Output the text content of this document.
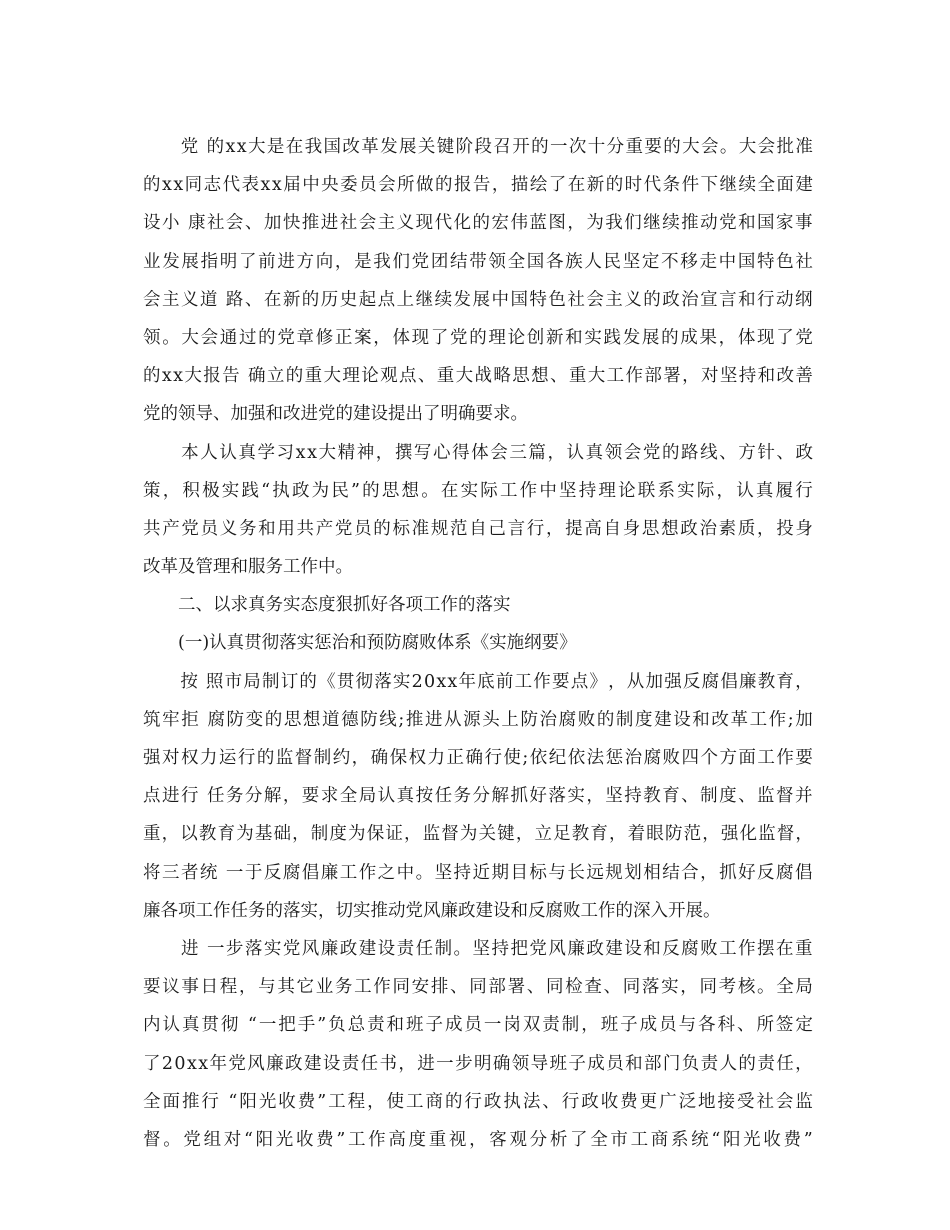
党
的 x x 大 是 在 我 国 改 革 发 展 关 键 阶 段 召 开 的 一 次 十 分 重 要 的 大 会 。 大 会 批 准
的 x x 同 志 代 表 x x 届 中 央 委 员 会 所 做 的 报 告 ， 描 绘 了 在 新 的 时 代 条 件 下 继 续 全 面 建
设 小
康 社 会 、 加 快 推 进 社 会 主 义 现 代 化 的 宏 伟 蓝 图 ， 为 我 们 继 续 推 动 党 和 国 家 事
业 发 展 指 明 了 前 进 方 向 ， 是 我 们 党 团 结 带 领 全 国 各 族 人 民 坚 定 不 移 走 中 国 特 色 社
会 主 义 道
路 、 在 新 的 历 史 起 点 上 继 续 发 展 中 国 特 色 社 会 主 义 的 政 治 宣 言 和 行 动 纲
领 。 大 会 通 过 的 党 章 修 正 案 ， 体 现 了 党 的 理 论 创 新 和 实 践 发 展 的 成 果 ， 体 现 了 党
的 x x 大 报 告
确 立 的 重 大 理 论 观 点 、 重 大 战 略 思 想 、 重 大 工 作 部 署 ， 对 坚 持 和 改 善
党 的 领 导 、 加 强 和 改 进 党 的 建 设 提 出 了 明 确 要 求 。

本 人 认 真 学 习 x x 大 精 神 ， 撰 写 心 得 体 会 三 篇 ， 认 真 领 会 党 的 路 线 、 方 针 、 政
策 ， 积 极 实 践 “ 执 政 为 民 ” 的 思 想 。 在 实 际 工 作 中 坚 持 理 论 联 系 实 际 ， 认 真 履 行
共 产 党 员 义 务 和 用 共 产 党 员 的 标 准 规 范 自 己 言 行 ， 提 高 自 身 思 想 政 治 素 质 ， 投 身
改 革 及 管 理 和 服 务 工 作 中 。

二 、 以 求 真 务 实 态 度 狠 抓 好 各 项 工 作 的 落 实

( 一 ) 认 真 贯 彻 落 实 惩 治 和 预 防 腐 败 体 系 《 实 施 纲 要 》

按
照 市 局 制 订 的 《 贯 彻 落 实 2 0 x x 年 底 前 工 作 要 点 》 ， 从 加 强 反 腐 倡 廉 教 育 ，
筑 牢 拒
腐 防 变 的 思 想 道 德 防 线 ; 推 进 从 源 头 上 防 治 腐 败 的 制 度 建 设 和 改 革 工 作 ; 加
强 对 权 力 运 行 的 监 督 制 约 ， 确 保 权 力 正 确 行 使 ; 依 纪 依 法 惩 治 腐 败 四 个 方 面 工 作 要
点 进 行
任 务 分 解 ， 要 求 全 局 认 真 按 任 务 分 解 抓 好 落 实 ， 坚 持 教 育 、 制 度 、 监 督 并
重 ， 以 教 育 为 基 础 ， 制 度 为 保 证 ， 监 督 为 关 键 ， 立 足 教 育 ， 着 眼 防 范 ， 强 化 监 督 ，
将 三 者 统
一 于 反 腐 倡 廉 工 作 之 中 。 坚 持 近 期 目 标 与 长 远 规 划 相 结 合 ， 抓 好 反 腐 倡
廉 各 项 工 作 任 务 的 落 实 ， 切 实 推 动 党 风 廉 政 建 设 和 反 腐 败 工 作 的 深 入 开 展 。

进
一 步 落 实 党 风 廉 政 建 设 责 任 制 。 坚 持 把 党 风 廉 政 建 设 和 反 腐 败 工 作 摆 在 重
要 议 事 日 程 ， 与 其 它 业 务 工 作 同 安 排 、 同 部 署 、 同 检 查 、 同 落 实 ， 同 考 核 。 全 局
内 认 真 贯 彻
“ 一 把 手 ” 负 总 责 和 班 子 成 员 一 岗 双 责 制 ， 班 子 成 员 与 各 科 、 所 签 定
了 2 0 x x 年 党 风 廉 政 建 设 责 任 书 ， 进 一 步 明 确 领 导 班 子 成 员 和 部 门 负 责 人 的 责 任 ，
全 面 推 行
“ 阳 光 收 费 ” 工 程 ， 使 工 商 的 行 政 执 法 、 行 政 收 费 更 广 泛 地 接 受 社 会 监
督 。 党 组 对 “ 阳 光 收 费 ” 工 作 高 度 重 视 ， 客 观 分 析 了 全 市 工 商 系 统 “ 阳 光 收 费 ”
